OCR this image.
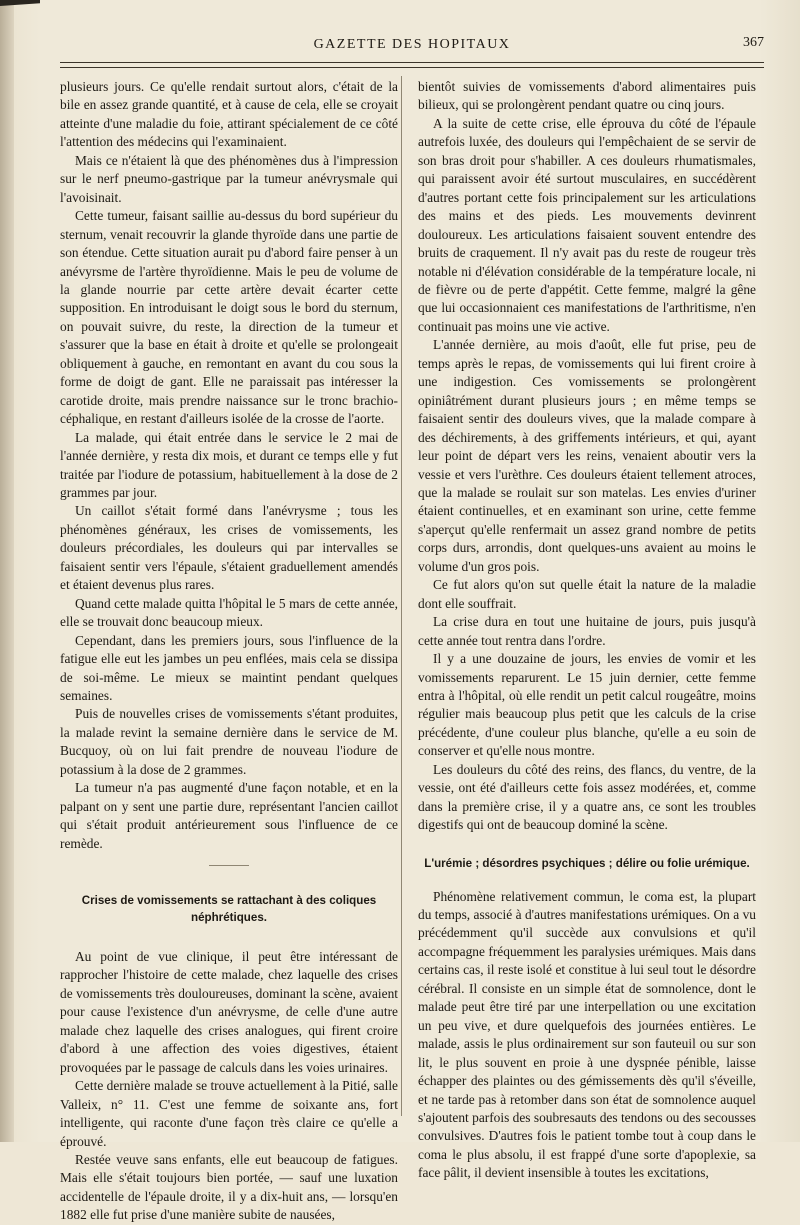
GAZETTE DES HOPITAUX	367

plusieurs jours. Ce qu'elle rendait surtout alors, c'était de la bile en assez grande quantité, et à cause de cela, elle se croyait atteinte d'une maladie du foie, attirant spécialement de ce côté l'attention des médecins qui l'examinaient.

Mais ce n'étaient là que des phénomènes dus à l'impression sur le nerf pneumo-gastrique par la tumeur anévrysmale qui l'avoisinait.

Cette tumeur, faisant saillie au-dessus du bord supérieur du sternum, venait recouvrir la glande thyroïde dans une partie de son étendue. Cette situation aurait pu d'abord faire penser à un anévyrsme de l'artère thyroïdienne. Mais le peu de volume de la glande nourrie par cette artère devait écarter cette supposition. En introduisant le doigt sous le bord du sternum, on pouvait suivre, du reste, la direction de la tumeur et s'assurer que la base en était à droite et qu'elle se prolongeait obliquement à gauche, en remontant en avant du cou sous la forme de doigt de gant. Elle ne paraissait pas intéresser la carotide droite, mais prendre naissance sur le tronc brachio-céphalique, en restant d'ailleurs isolée de la crosse de l'aorte.

La malade, qui était entrée dans le service le 2 mai de l'année dernière, y resta dix mois, et durant ce temps elle y fut traitée par l'iodure de potassium, habituellement à la dose de 2 grammes par jour.

Un caillot s'était formé dans l'anévrysme ; tous les phénomènes généraux, les crises de vomissements, les douleurs précordiales, les douleurs qui par intervalles se faisaient sentir vers l'épaule, s'étaient graduellement amendés et étaient devenus plus rares.

Quand cette malade quitta l'hôpital le 5 mars de cette année, elle se trouvait donc beaucoup mieux.

Cependant, dans les premiers jours, sous l'influence de la fatigue elle eut les jambes un peu enflées, mais cela se dissipa de soi-même. Le mieux se maintint pendant quelques semaines.

Puis de nouvelles crises de vomissements s'étant produites, la malade revint la semaine dernière dans le service de M. Bucquoy, où on lui fait prendre de nouveau l'iodure de potassium à la dose de 2 grammes.

La tumeur n'a pas augmenté d'une façon notable, et en la palpant on y sent une partie dure, représentant l'ancien caillot qui s'était produit antérieurement sous l'influence de ce remède.

Crises de vomissements se rattachant à des coliques néphrétiques.

Au point de vue clinique, il peut être intéressant de rapprocher l'histoire de cette malade, chez laquelle des crises de vomissements très douloureuses, dominant la scène, avaient pour cause l'existence d'un anévrysme, de celle d'une autre malade chez laquelle des crises analogues, qui firent croire d'abord à une affection des voies digestives, étaient provoquées par le passage de calculs dans les voies urinaires.

Cette dernière malade se trouve actuellement à la Pitié, salle Valleix, n° 11. C'est une femme de soixante ans, fort intelligente, qui raconte d'une façon très claire ce qu'elle a éprouvé.

Restée veuve sans enfants, elle eut beaucoup de fatigues. Mais elle s'était toujours bien portée, — sauf une luxation accidentelle de l'épaule droite, il y a dix-huit ans, — lorsqu'en 1882 elle fut prise d'une manière subite de nausées,

bientôt suivies de vomissements d'abord alimentaires puis bilieux, qui se prolongèrent pendant quatre ou cinq jours.

A la suite de cette crise, elle éprouva du côté de l'épaule autrefois luxée, des douleurs qui l'empêchaient de se servir de son bras droit pour s'habiller. A ces douleurs rhumatismales, qui paraissent avoir été surtout musculaires, en succédèrent d'autres portant cette fois principalement sur les articulations des mains et des pieds. Les mouvements devinrent douloureux. Les articulations faisaient souvent entendre des bruits de craquement. Il n'y avait pas du reste de rougeur très notable ni d'élévation considérable de la température locale, ni de fièvre ou de perte d'appétit. Cette femme, malgré la gêne que lui occasionnaient ces manifestations de l'arthritisme, n'en continuait pas moins une vie active.

L'année dernière, au mois d'août, elle fut prise, peu de temps après le repas, de vomissements qui lui firent croire à une indigestion. Ces vomissements se prolongèrent opiniâtrément durant plusieurs jours ; en même temps se faisaient sentir des douleurs vives, que la malade compare à des déchirements, à des griffements intérieurs, et qui, ayant leur point de départ vers les reins, venaient aboutir vers la vessie et vers l'urèthre. Ces douleurs étaient tellement atroces, que la malade se roulait sur son matelas. Les envies d'uriner étaient continuelles, et en examinant son urine, cette femme s'aperçut qu'elle renfermait un assez grand nombre de petits corps durs, arrondis, dont quelques-uns avaient au moins le volume d'un gros pois.

Ce fut alors qu'on sut quelle était la nature de la maladie dont elle souffrait.

La crise dura en tout une huitaine de jours, puis jusqu'à cette année tout rentra dans l'ordre.

Il y a une douzaine de jours, les envies de vomir et les vomissements reparurent. Le 15 juin dernier, cette femme entra à l'hôpital, où elle rendit un petit calcul rougeâtre, moins régulier mais beaucoup plus petit que les calculs de la crise précédente, d'une couleur plus blanche, qu'elle a eu soin de conserver et qu'elle nous montre.

Les douleurs du côté des reins, des flancs, du ventre, de la vessie, ont été d'ailleurs cette fois assez modérées, et, comme dans la première crise, il y a quatre ans, ce sont les troubles digestifs qui ont de beaucoup dominé la scène.

L'urémie ; désordres psychiques ; délire ou folie urémique.

Phénomène relativement commun, le coma est, la plupart du temps, associé à d'autres manifestations urémiques. On a vu précédemment qu'il succède aux convulsions et qu'il accompagne fréquemment les paralysies urémiques. Mais dans certains cas, il reste isolé et constitue à lui seul tout le désordre cérébral. Il consiste en un simple état de somnolence, dont le malade peut être tiré par une interpellation ou une excitation un peu vive, et dure quelquefois des journées entières. Le malade, assis le plus ordinairement sur son fauteuil ou sur son lit, le plus souvent en proie à une dyspnée pénible, laisse échapper des plaintes ou des gémissements dès qu'il s'éveille, et ne tarde pas à retomber dans son état de somnolence auquel s'ajoutent parfois des soubresauts des tendons ou des secousses convulsives. D'autres fois le patient tombe tout à coup dans le coma le plus absolu, il est frappé d'une sorte d'apoplexie, sa face pâlit, il devient insensible à toutes les excitations,
